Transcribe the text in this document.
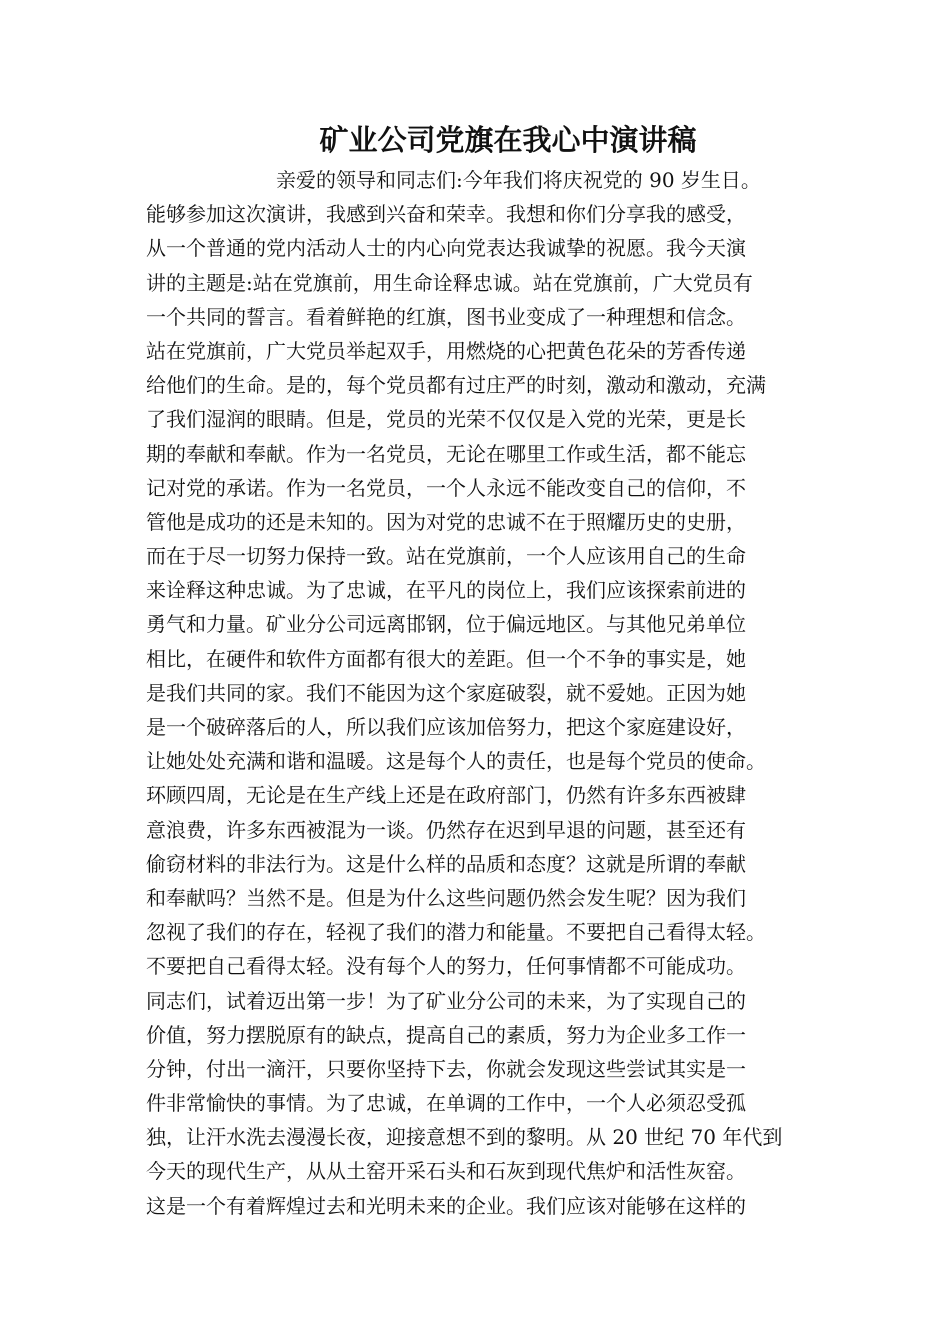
矿业公司党旗在我心中演讲稿
亲爱的领导和同志们:今年我们将庆祝党的 90 岁生日。
能够参加这次演讲，我感到兴奋和荣幸。我想和你们分享我的感受，
从一个普通的党内活动人士的内心向党表达我诚挚的祝愿。我今天演
讲的主题是:站在党旗前，用生命诠释忠诚。站在党旗前，广大党员有
一个共同的誓言。看着鲜艳的红旗，图书业变成了一种理想和信念。
站在党旗前，广大党员举起双手，用燃烧的心把黄色花朵的芳香传递
给他们的生命。是的，每个党员都有过庄严的时刻，激动和激动，充满
了我们湿润的眼睛。但是，党员的光荣不仅仅是入党的光荣，更是长
期的奉献和奉献。作为一名党员，无论在哪里工作或生活，都不能忘
记对党的承诺。作为一名党员，一个人永远不能改变自己的信仰，不
管他是成功的还是未知的。因为对党的忠诚不在于照耀历史的史册，
而在于尽一切努力保持一致。站在党旗前，一个人应该用自己的生命
来诠释这种忠诚。为了忠诚，在平凡的岗位上，我们应该探索前进的
勇气和力量。矿业分公司远离邯钢，位于偏远地区。与其他兄弟单位
相比，在硬件和软件方面都有很大的差距。但一个不争的事实是，她
是我们共同的家。我们不能因为这个家庭破裂，就不爱她。正因为她
是一个破碎落后的人，所以我们应该加倍努力，把这个家庭建设好，
让她处处充满和谐和温暖。这是每个人的责任，也是每个党员的使命。
环顾四周，无论是在生产线上还是在政府部门，仍然有许多东西被肆
意浪费，许多东西被混为一谈。仍然存在迟到早退的问题，甚至还有
偷窃材料的非法行为。这是什么样的品质和态度？这就是所谓的奉献
和奉献吗？当然不是。但是为什么这些问题仍然会发生呢？因为我们
忽视了我们的存在，轻视了我们的潜力和能量。不要把自己看得太轻。
不要把自己看得太轻。没有每个人的努力，任何事情都不可能成功。
同志们，试着迈出第一步！为了矿业分公司的未来，为了实现自己的
价值，努力摆脱原有的缺点，提高自己的素质，努力为企业多工作一
分钟，付出一滴汗，只要你坚持下去，你就会发现这些尝试其实是一
件非常愉快的事情。为了忠诚，在单调的工作中，一个人必须忍受孤
独，让汗水洗去漫漫长夜，迎接意想不到的黎明。从 20 世纪 70 年代到
今天的现代生产，从从土窑开采石头和石灰到现代焦炉和活性灰窑。
这是一个有着辉煌过去和光明未来的企业。我们应该对能够在这样的
